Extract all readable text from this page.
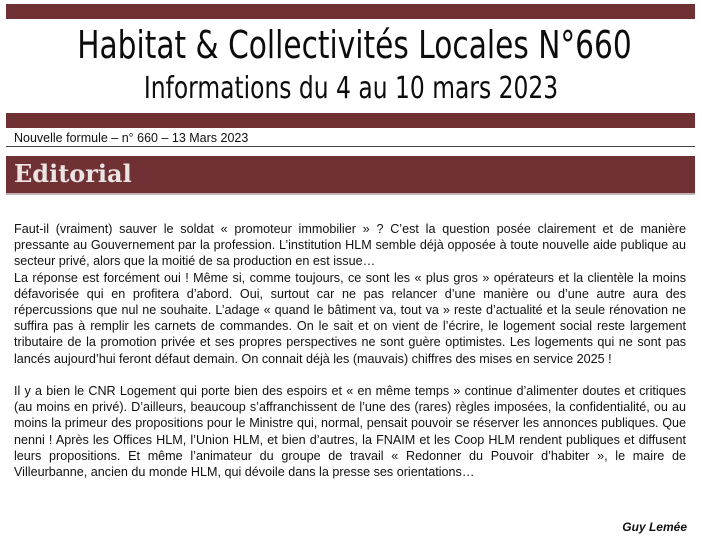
Habitat & Collectivités Locales N°660
Informations du 4 au 10 mars 2023
Nouvelle formule – n° 660 – 13 Mars 2023
Editorial

Faut-il (vraiment) sauver le soldat « promoteur immobilier » ? C’est la question posée clairement et de manière pressante au Gouvernement par la profession. L’institution HLM semble déjà opposée à toute nouvelle aide publique au secteur privé, alors que la moitié de sa production en est issue…

La réponse est forcément oui ! Même si, comme toujours, ce sont les « plus gros » opérateurs et la clientèle la moins défavorisée qui en profitera d’abord. Oui, surtout car ne pas relancer d’une manière ou d’une autre aura des répercussions que nul ne souhaite. L’adage « quand le bâtiment va, tout va » reste d’actualité et la seule rénovation ne suffira pas à remplir les carnets de commandes. On le sait et on vient de l’écrire, le logement social reste largement tributaire de la promotion privée et ses propres perspectives ne sont guère optimistes. Les logements qui ne sont pas lancés aujourd’hui feront défaut demain. On connait déjà les (mauvais) chiffres des mises en service 2025 !

Il y a bien le CNR Logement qui porte bien des espoirs et « en même temps » continue d’alimenter doutes et critiques (au moins en privé). D’ailleurs, beaucoup s’affranchissent de l’une des (rares) règles imposées, la confidentialité, ou au moins la primeur des propositions pour le Ministre qui, normal, pensait pouvoir se réserver les annonces publiques. Que nenni ! Après les Offices HLM, l’Union HLM, et bien d’autres, la FNAIM et les Coop HLM rendent publiques et diffusent leurs propositions. Et même l’animateur du groupe de travail « Redonner du Pouvoir d’habiter », le maire de Villeurbanne, ancien du monde HLM, qui dévoile dans la presse ses orientations…

Guy Lemée
